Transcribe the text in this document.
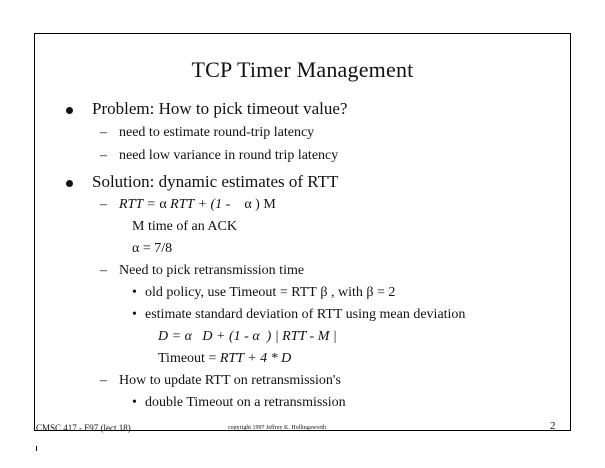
TCP Timer Management
Problem: How to pick timeout value?
– need to estimate round-trip latency
– need low variance in round trip latency
Solution: dynamic estimates of RTT
– RTT = α RTT + (1 -    α ) M
M time of an ACK
α = 7/8
– Need to pick retransmission time
• old policy, use Timeout = RTT β , with β = 2
• estimate standard deviation of RTT using mean deviation
D = α   D + (1 - α ) | RTT - M |
Timeout = RTT + 4 * D
– How to update RTT on retransmission's
• double Timeout on a retransmission
CMSC 417 - F97 (lect 18)	copyright 1997 Jeffrey K. Hollingsworth	2
